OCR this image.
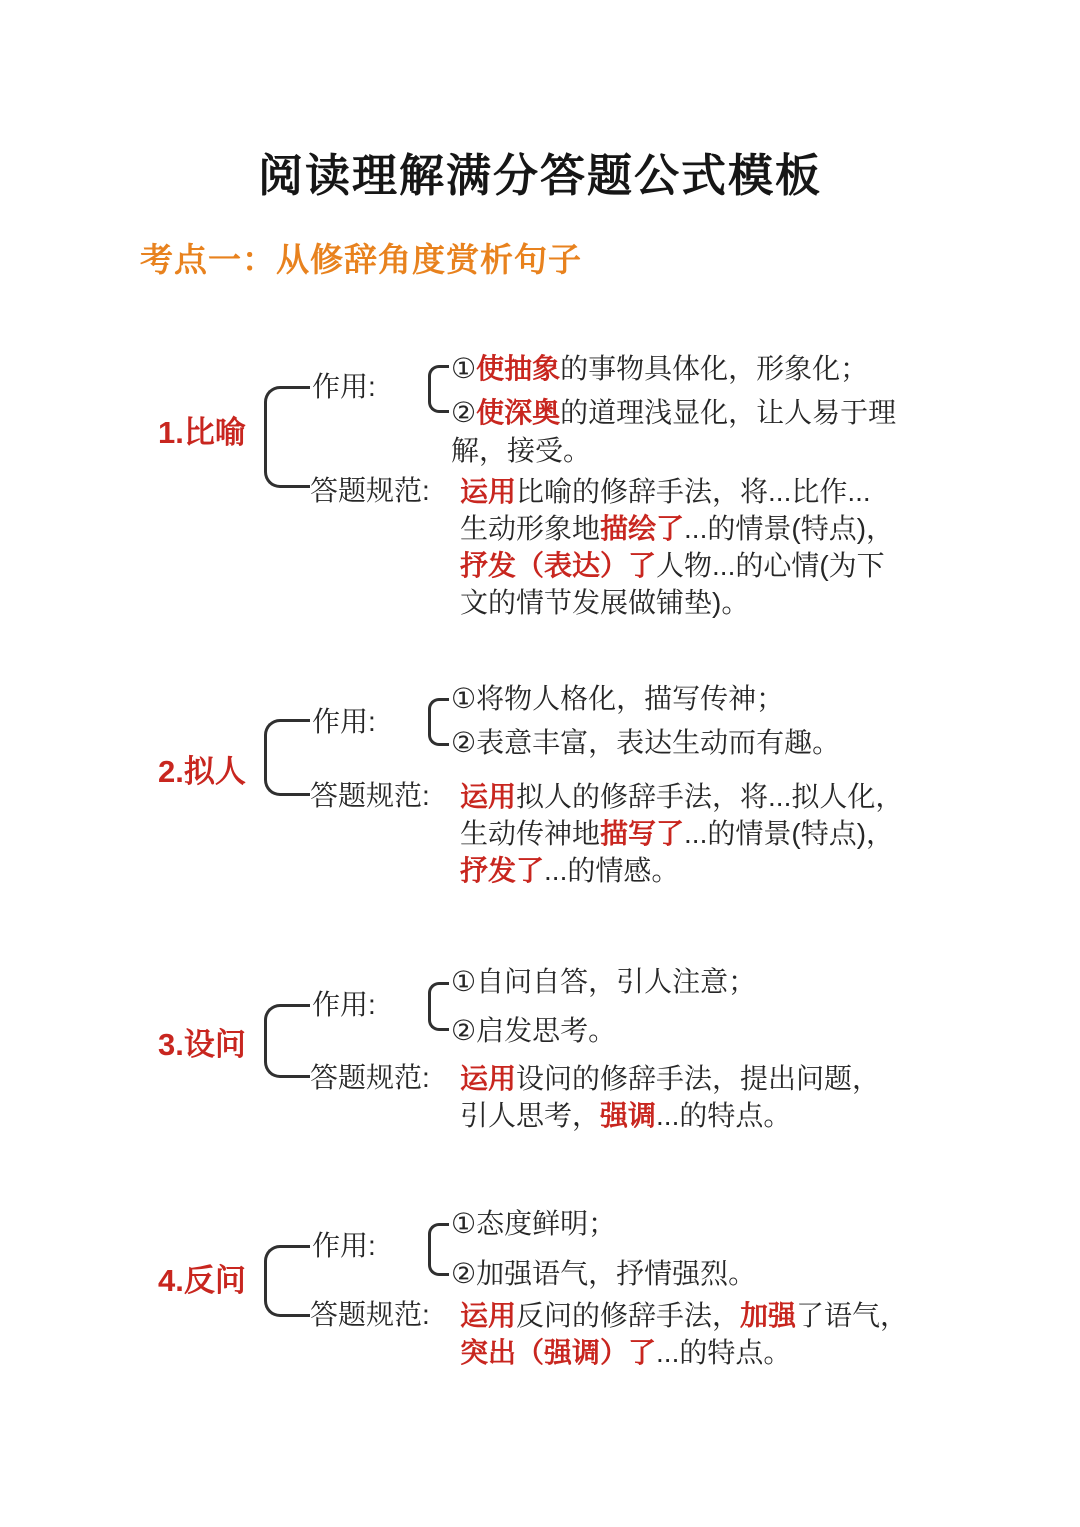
阅读理解满分答题公式模板
考点一：从修辞角度赏析句子
1.比喻
作用:
①使抽象的事物具体化，形象化；
②使深奥的道理浅显化，让人易于理解，接受。
答题规范: 运用比喻的修辞手法，将...比作...
生动形象地描绘了...的情景(特点)，
抒发（表达）了人物...的心情(为下
文的情节发展做铺垫)。
2.拟人
作用:
①将物人格化，描写传神；
②表意丰富，表达生动而有趣。
答题规范: 运用拟人的修辞手法，将...拟人化，
生动传神地描写了...的情景(特点)，
抒发了...的情感。
3.设问
作用:
①自问自答，引人注意；
②启发思考。
答题规范: 运用设问的修辞手法，提出问题，
引人思考，强调...的特点。
4.反问
作用:
①态度鲜明；
②加强语气，抒情强烈。
答题规范: 运用反问的修辞手法，加强了语气，
突出（强调）了...的特点。
